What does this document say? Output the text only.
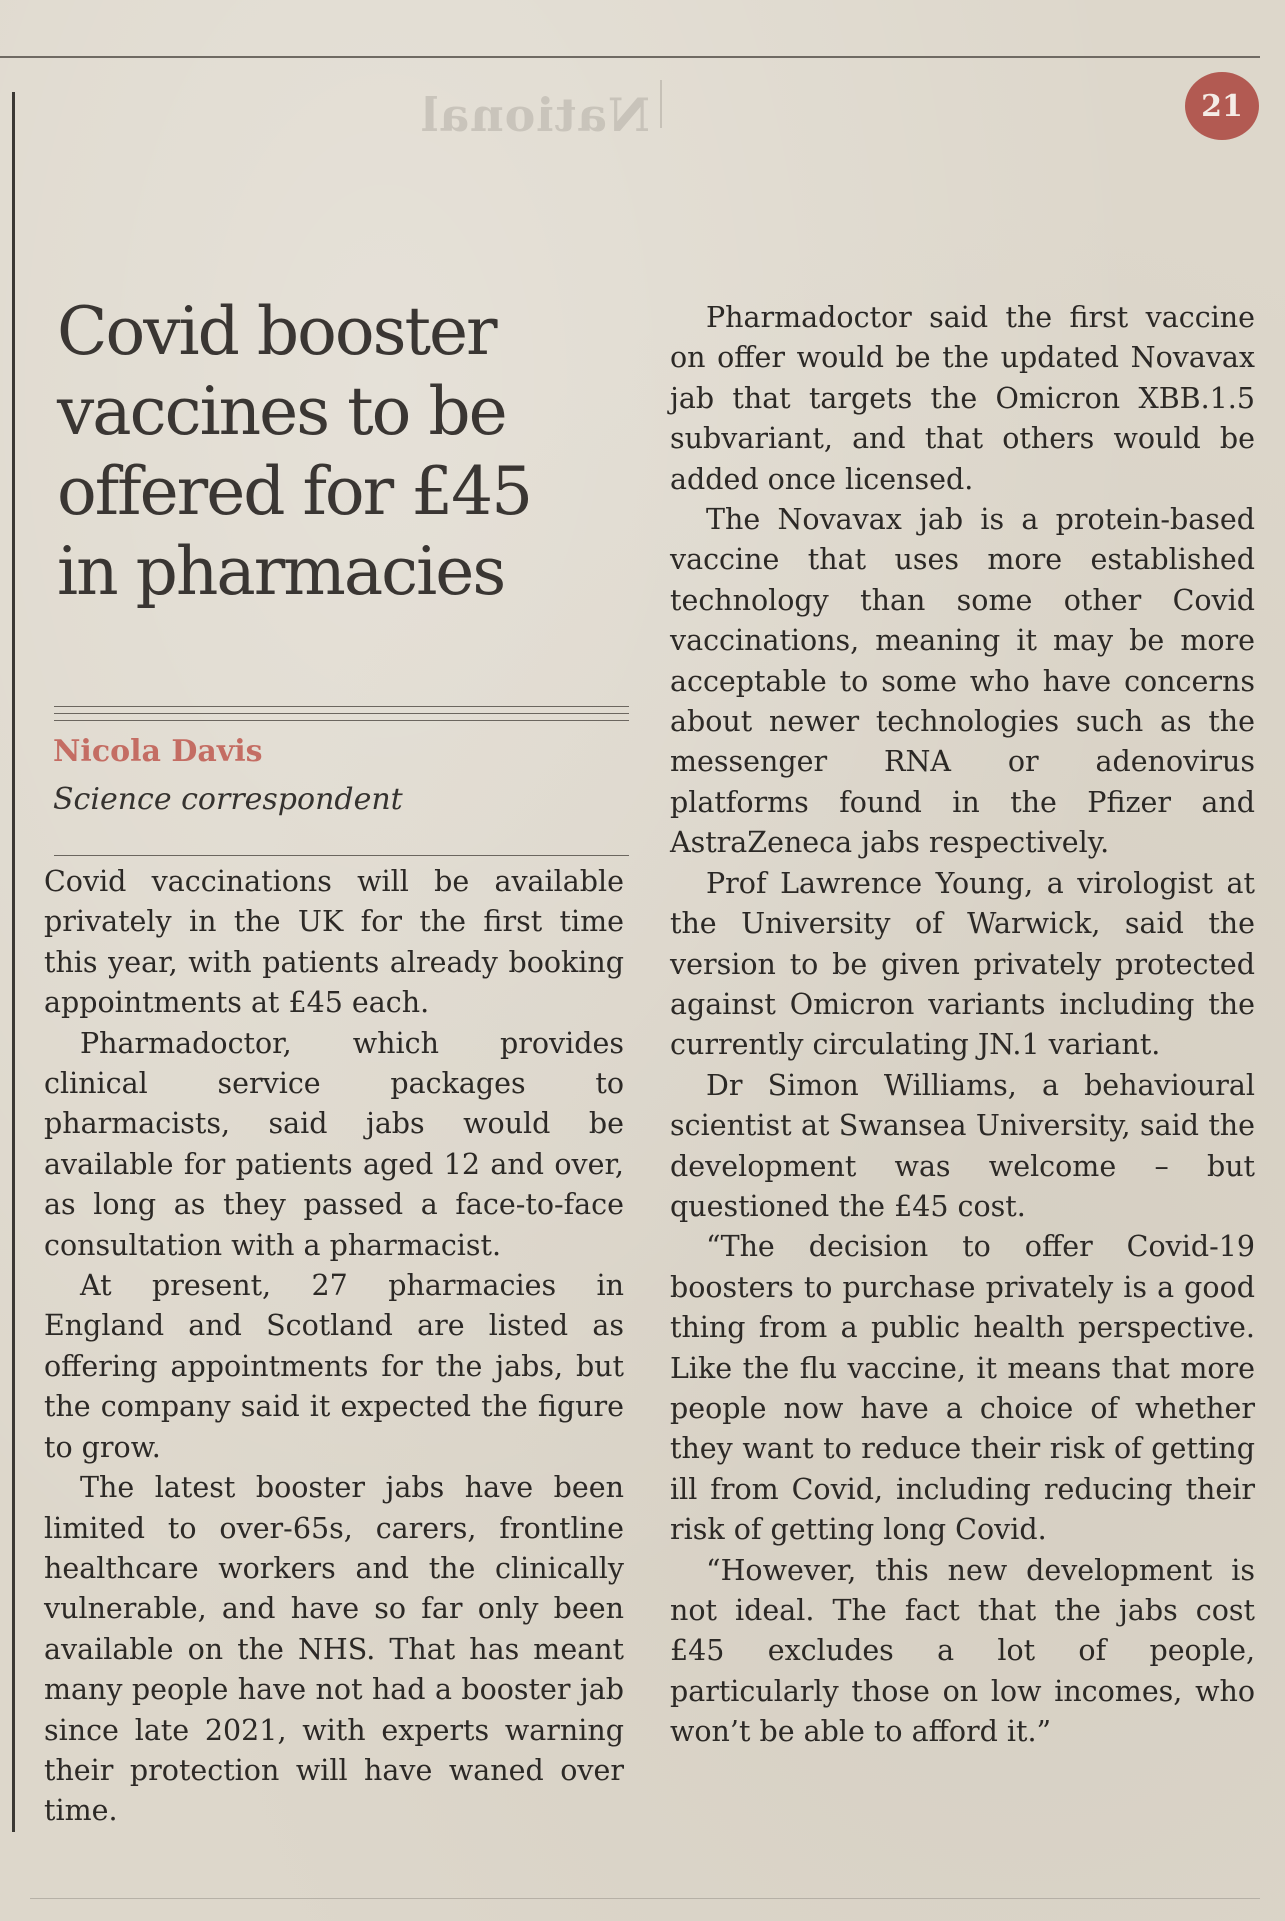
National	21
Covid booster vaccines to be offered for £45 in pharmacies
Nicola Davis
Science correspondent

Covid vaccinations will be available privately in the UK for the first time this year, with patients already booking appointments at £45 each.

Pharmadoctor, which provides clinical service packages to pharmacists, said jabs would be available for patients aged 12 and over, as long as they passed a face-to-face consultation with a pharmacist.

At present, 27 pharmacies in England and Scotland are listed as offering appointments for the jabs, but the company said it expected the figure to grow.

The latest booster jabs have been limited to over-65s, carers, frontline healthcare workers and the clinically vulnerable, and have so far only been available on the NHS. That has meant many people have not had a booster jab since late 2021, with experts warning their protection will have waned over time.

Pharmadoctor said the first vaccine on offer would be the updated Novavax jab that targets the Omicron XBB.1.5 subvariant, and that others would be added once licensed.

The Novavax jab is a protein-based vaccine that uses more established technology than some other Covid vaccinations, meaning it may be more acceptable to some who have concerns about newer technologies such as the messenger RNA or adenovirus platforms found in the Pfizer and AstraZeneca jabs respectively.

Prof Lawrence Young, a virologist at the University of Warwick, said the version to be given privately protected against Omicron variants including the currently circulating JN.1 variant.

Dr Simon Williams, a behavioural scientist at Swansea University, said the development was welcome – but questioned the £45 cost.

“The decision to offer Covid-19 boosters to purchase privately is a good thing from a public health perspective. Like the flu vaccine, it means that more people now have a choice of whether they want to reduce their risk of getting ill from Covid, including reducing their risk of getting long Covid.

“However, this new development is not ideal. The fact that the jabs cost £45 excludes a lot of people, particularly those on low incomes, who won’t be able to afford it.”
